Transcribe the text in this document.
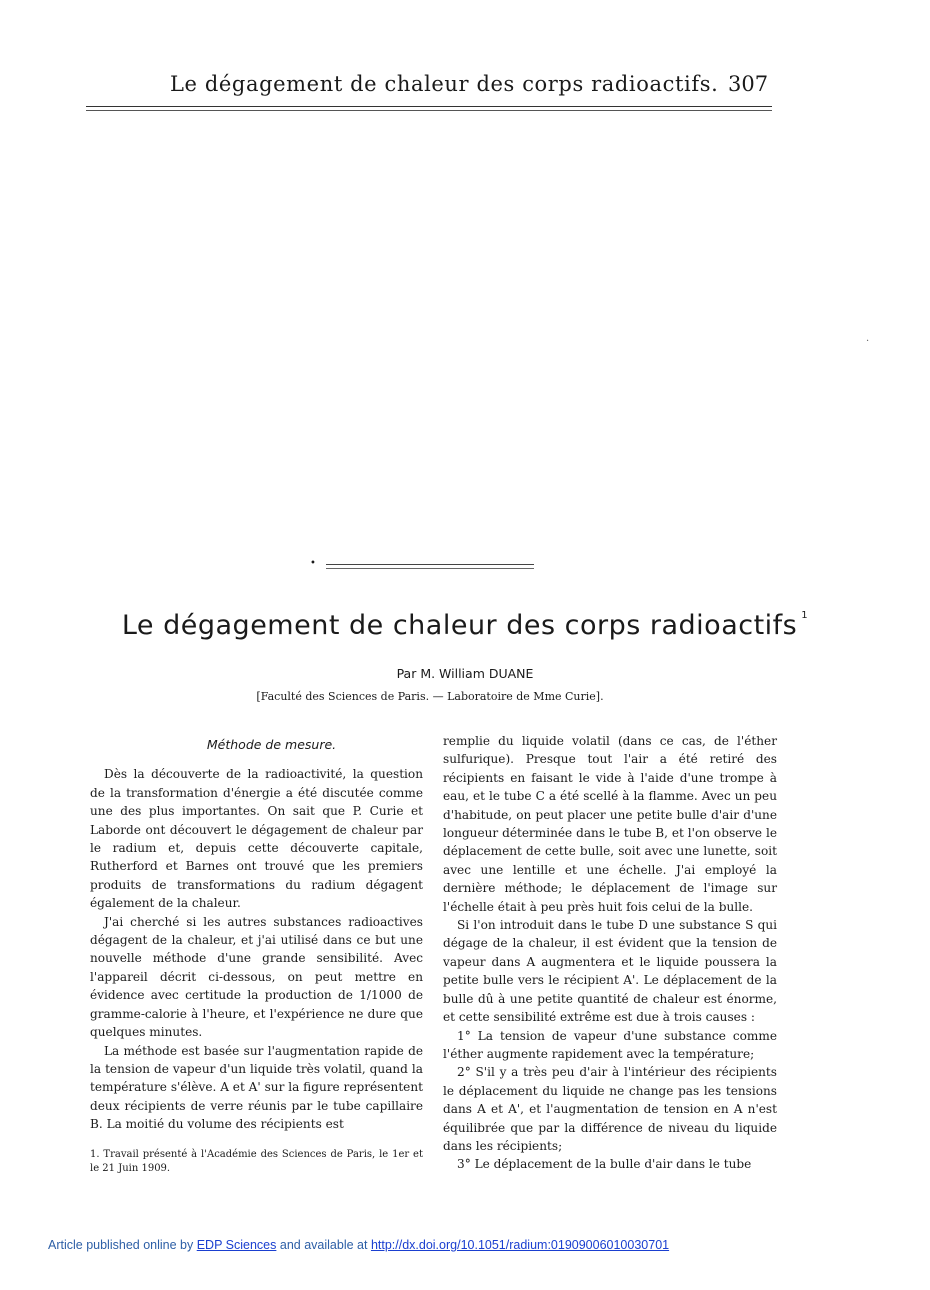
Le dégagement de chaleur des corps radioactifs. 307
·
•
Le dégagement de chaleur des corps radioactifs $^1$
Par M. William DUANE
[Faculté des Sciences de Paris. — Laboratoire de Mme Curie].
Méthode de mesure.

Dès la découverte de la radioactivité, la question de la transformation d'énergie a été discutée comme une des plus importantes. On sait que P. Curie et Laborde ont découvert le dégagement de chaleur par le radium et, depuis cette découverte capitale, Rutherford et Barnes ont trouvé que les premiers produits de transformations du radium dégagent également de la chaleur.

J'ai cherché si les autres substances radioactives dégagent de la chaleur, et j'ai utilisé dans ce but une nouvelle méthode d'une grande sensibilité. Avec l'appareil décrit ci-dessous, on peut mettre en évidence avec certitude la production de 1/1000 de gramme-calorie à l'heure, et l'expérience ne dure que quelques minutes.

La méthode est basée sur l'augmentation rapide de la tension de vapeur d'un liquide très volatil, quand la température s'élève. A et A' sur la figure représentent deux récipients de verre réunis par le tube capillaire B. La moitié du volume des récipients est

1. Travail présenté à l'Académie des Sciences de Paris, le 1er et le 21 Juin 1909.

remplie du liquide volatil (dans ce cas, de l'éther sulfurique). Presque tout l'air a été retiré des récipients en faisant le vide à l'aide d'une trompe à eau, et le tube C a été scellé à la flamme. Avec un peu d'habitude, on peut placer une petite bulle d'air d'une longueur déterminée dans le tube B, et l'on observe le déplacement de cette bulle, soit avec une lunette, soit avec une lentille et une échelle. J'ai employé la dernière méthode; le déplacement de l'image sur l'échelle était à peu près huit fois celui de la bulle.

Si l'on introduit dans le tube D une substance S qui dégage de la chaleur, il est évident que la tension de vapeur dans A augmentera et le liquide poussera la petite bulle vers le récipient A'. Le déplacement de la bulle dû à une petite quantité de chaleur est énorme, et cette sensibilité extrême est due à trois causes :

1° La tension de vapeur d'une substance comme l'éther augmente rapidement avec la température;

2° S'il y a très peu d'air à l'intérieur des récipients le déplacement du liquide ne change pas les tensions dans A et A', et l'augmentation de tension en A n'est équilibrée que par la différence de niveau du liquide dans les récipients;

3° Le déplacement de la bulle d'air dans le tube

Article published online by EDP Sciences and available at http://dx.doi.org/10.1051/radium:01909006010030701
